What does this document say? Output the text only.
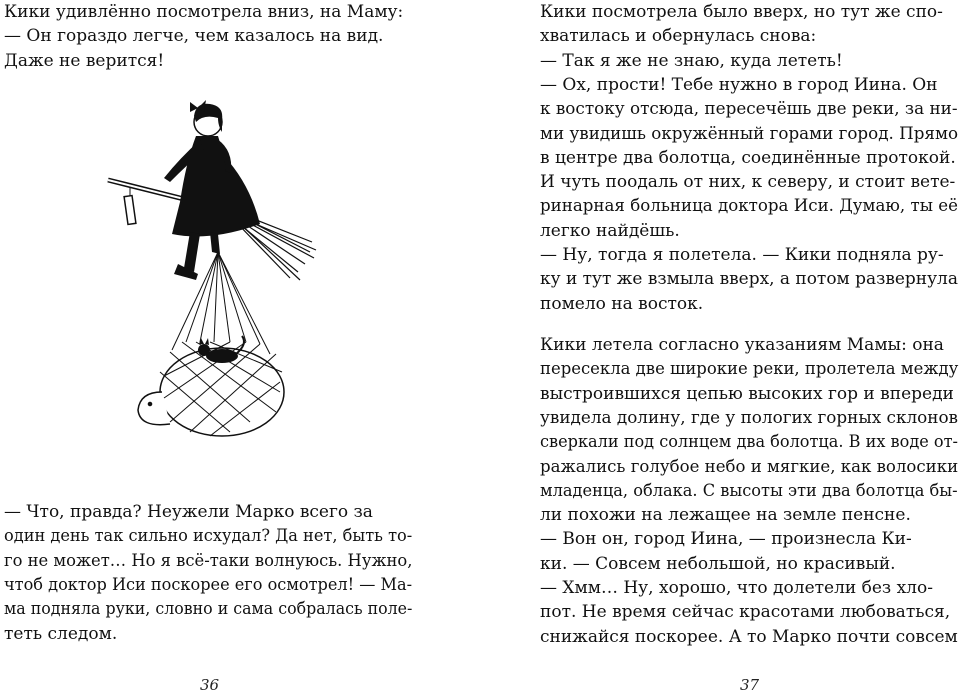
Кики удивлённо посмотрела вниз, на Маму:
— Он гораздо легче, чем казалось на вид.
Даже не верится!
— Что, правда? Неужели Марко всего за
один день так сильно исхудал? Да нет, быть то-
го не может… Но я всё-таки волнуюсь. Нужно,
чтоб доктор Иси поскорее его осмотрел! — Ма-
ма подняла руки, словно и сама собралась полe-
теть следом.
36
Кики посмотрела было вверх, но тут же спо-
хватилась и обернулась снова:
— Так я же не знаю, куда лететь!
— Ох, прости! Тебе нужно в город Иина. Он
к востоку отсюда, пересечёшь две реки, за ни-
ми увидишь окружённый горами город. Прямо
в центре два болотца, соединённые протокой.
И чуть поодаль от них, к северу, и стоит вете-
ринарная больница доктора Иси. Думаю, ты её
легко найдёшь.
— Ну, тогда я полетела. — Кики подняла ру-
ку и тут же взмыла вверх, а потом развернула
помело на восток.
Кики летела согласно указаниям Мамы: она
пересекла две широкие реки, пролетела между
выстроившихся цепью высоких гор и впереди
увидела долину, где у пологих горных склонов
сверкали под солнцем два болотца. В их воде от-
ражались голубое небо и мягкие, как волосики
младенца, облака. С высоты эти два болотца бы-
ли похожи на лежащее на земле пенсне.
— Вон он, город Иина, — произнесла Ки-
ки. — Совсем небольшой, но красивый.
— Хмм… Ну, хорошо, что долетели без хло-
пот. Не время сейчас красотами любоваться,
снижайся поскорее. А то Марко почти совсем
37
